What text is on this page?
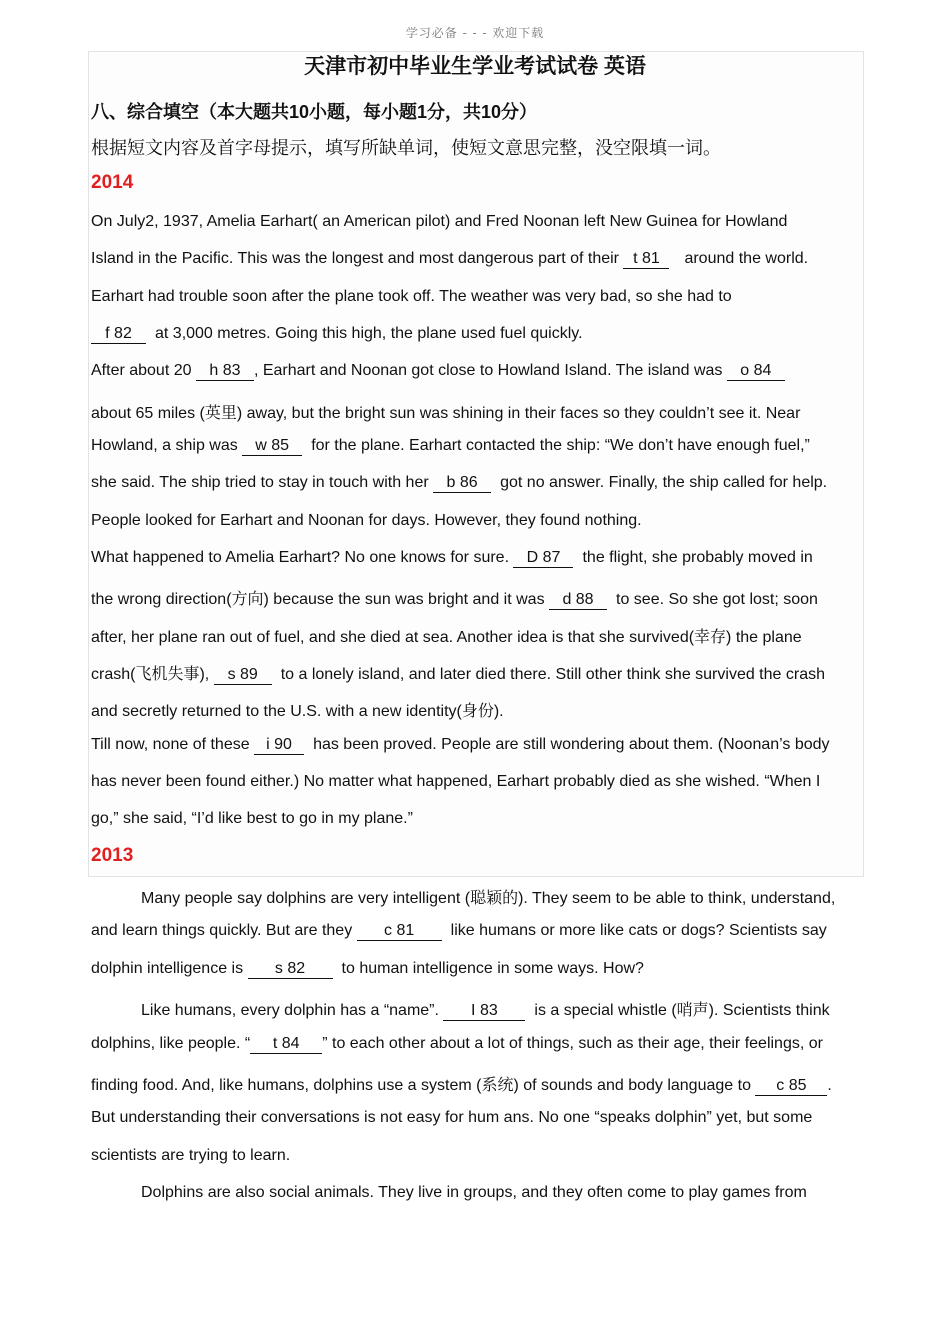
学习必备 - - - 欢迎下载
天津市初中毕业生学业考试试卷 英语
八、综合填空（本大题共10小题，每小题1分，共10分）
根据短文内容及首字母提示，填写所缺单词，使短文意思完整，没空限填一词。
2014
On July2, 1937, Amelia Earhart( an American pilot) and Fred Noonan left New Guinea for Howland
Island in the Pacific. This was the longest and most dangerous part of their t 81 around the world.
Earhart had trouble soon after the plane took off. The weather was very bad, so she had to
f 82 at 3,000 metres. Going this high, the plane used fuel quickly.
After about 20 h 83 , Earhart and Noonan got close to Howland Island. The island was o 84
about 65 miles (英里) away, but the bright sun was shining in their faces so they couldn’t see it. Near
Howland, a ship was w 85 for the plane. Earhart contacted the ship: “We don’t have enough fuel,”
she said. The ship tried to stay in touch with her b 86 got no answer. Finally, the ship called for help.
People looked for Earhart and Noonan for days. However, they found nothing.
What happened to Amelia Earhart? No one knows for sure. D 87 the flight, she probably moved in
the wrong direction(方向) because the sun was bright and it was d 88 to see. So she got lost; soon
after, her plane ran out of fuel, and she died at sea. Another idea is that she survived(幸存) the plane
crash(飞机失事), s 89 to a lonely island, and later died there. Still other think she survived the crash
and secretly returned to the U.S. with a new identity(身份).
Till now, none of these i 90 has been proved. People are still wondering about them. (Noonan’s body
has never been found either.) No matter what happened, Earhart probably died as she wished. “When I
go,” she said, “I’d like best to go in my plane.”
2013
Many people say dolphins are very intelligent (聪颖的). They seem to be able to think, understand,
and learn things quickly. But are they c 81 like humans or more like cats or dogs? Scientists say
dolphin intelligence is s 82 to human intelligence in some ways. How?
Like humans, every dolphin has a “name”. I 83 is a special whistle (哨声). Scientists think
dolphins, like people. “ t 84 ” to each other about a lot of things, such as their age, their feelings, or
finding food. And, like humans, dolphins use a system (系统) of sounds and body language to c 85 .
But understanding their conversations is not easy for hum ans. No one “speaks dolphin” yet, but some
scientists are trying to learn.
Dolphins are also social animals. They live in groups, and they often come to play games from
